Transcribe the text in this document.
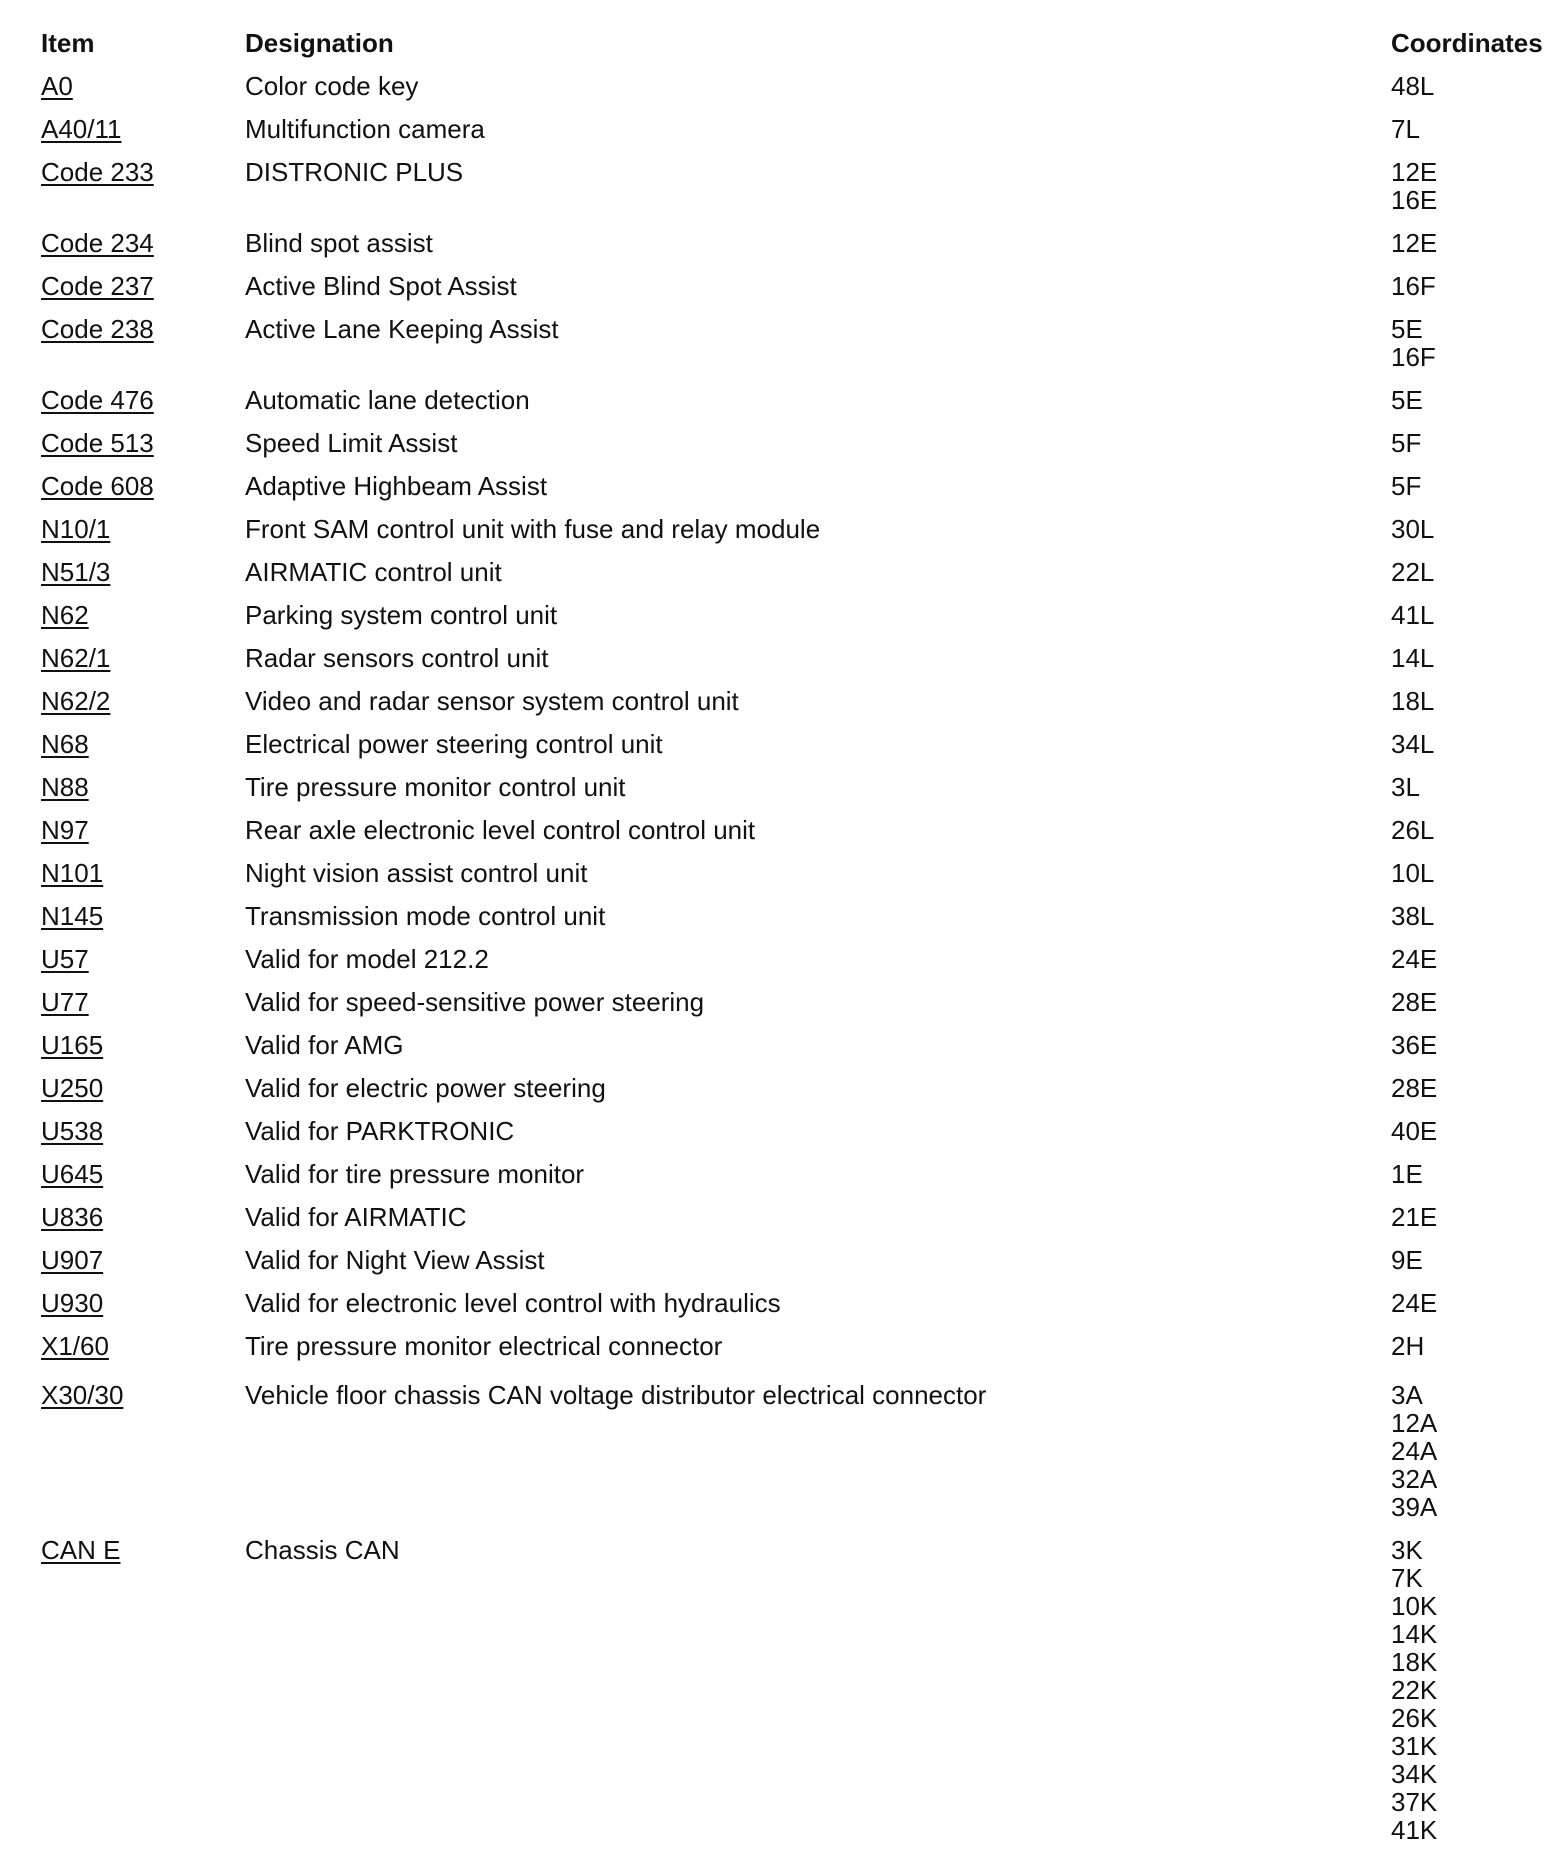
Item	Designation	Coordinates
A0	Color code key	48L
A40/11	Multifunction camera	7L
Code 233	DISTRONIC PLUS	12E
16E
Code 234	Blind spot assist	12E
Code 237	Active Blind Spot Assist	16F
Code 238	Active Lane Keeping Assist	5E
16F
Code 476	Automatic lane detection	5E
Code 513	Speed Limit Assist	5F
Code 608	Adaptive Highbeam Assist	5F
N10/1	Front SAM control unit with fuse and relay module	30L
N51/3	AIRMATIC control unit	22L
N62	Parking system control unit	41L
N62/1	Radar sensors control unit	14L
N62/2	Video and radar sensor system control unit	18L
N68	Electrical power steering control unit	34L
N88	Tire pressure monitor control unit	3L
N97	Rear axle electronic level control control unit	26L
N101	Night vision assist control unit	10L
N145	Transmission mode control unit	38L
U57	Valid for model 212.2	24E
U77	Valid for speed-sensitive power steering	28E
U165	Valid for AMG	36E
U250	Valid for electric power steering	28E
U538	Valid for PARKTRONIC	40E
U645	Valid for tire pressure monitor	1E
U836	Valid for AIRMATIC	21E
U907	Valid for Night View Assist	9E
U930	Valid for electronic level control with hydraulics	24E
X1/60	Tire pressure monitor electrical connector	2H
X30/30	Vehicle floor chassis CAN voltage distributor electrical connector	3A
12A
24A
32A
39A
CAN E	Chassis CAN	3K
7K
10K
14K
18K
22K
26K
31K
34K
37K
41K
